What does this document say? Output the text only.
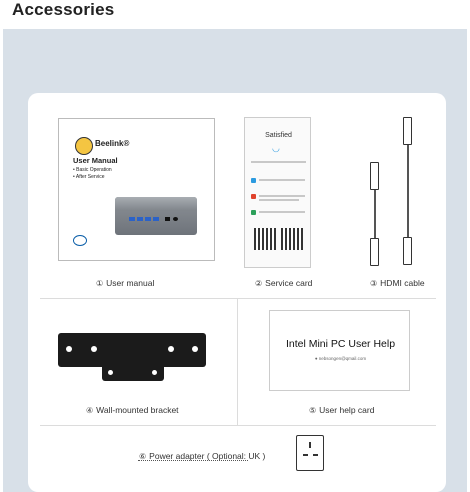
Accessories
Beelink®
User Manual
• Basic Operation
• After Service
① User manual
Satisfied
◡
② Service card	③ HDMI cable
④ Wall-mounted bracket
Intel Mini PC User Help
● nebsongen@qmail.com
⑤ User help card
⑥ Power adapter ( Optional: UK )
